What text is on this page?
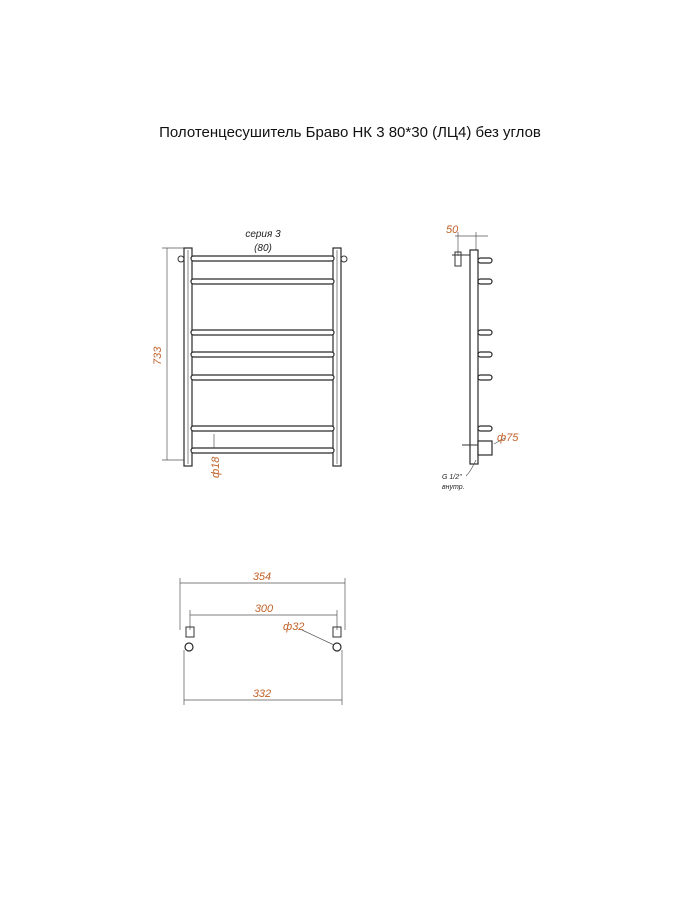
Полотенцесушитель Браво НК 3 80*30 (ЛЦ4) без углов
733
серия 3
(80)
ф18
50
ф75
G 1/2"
внутр.
354
300
ф32
332
